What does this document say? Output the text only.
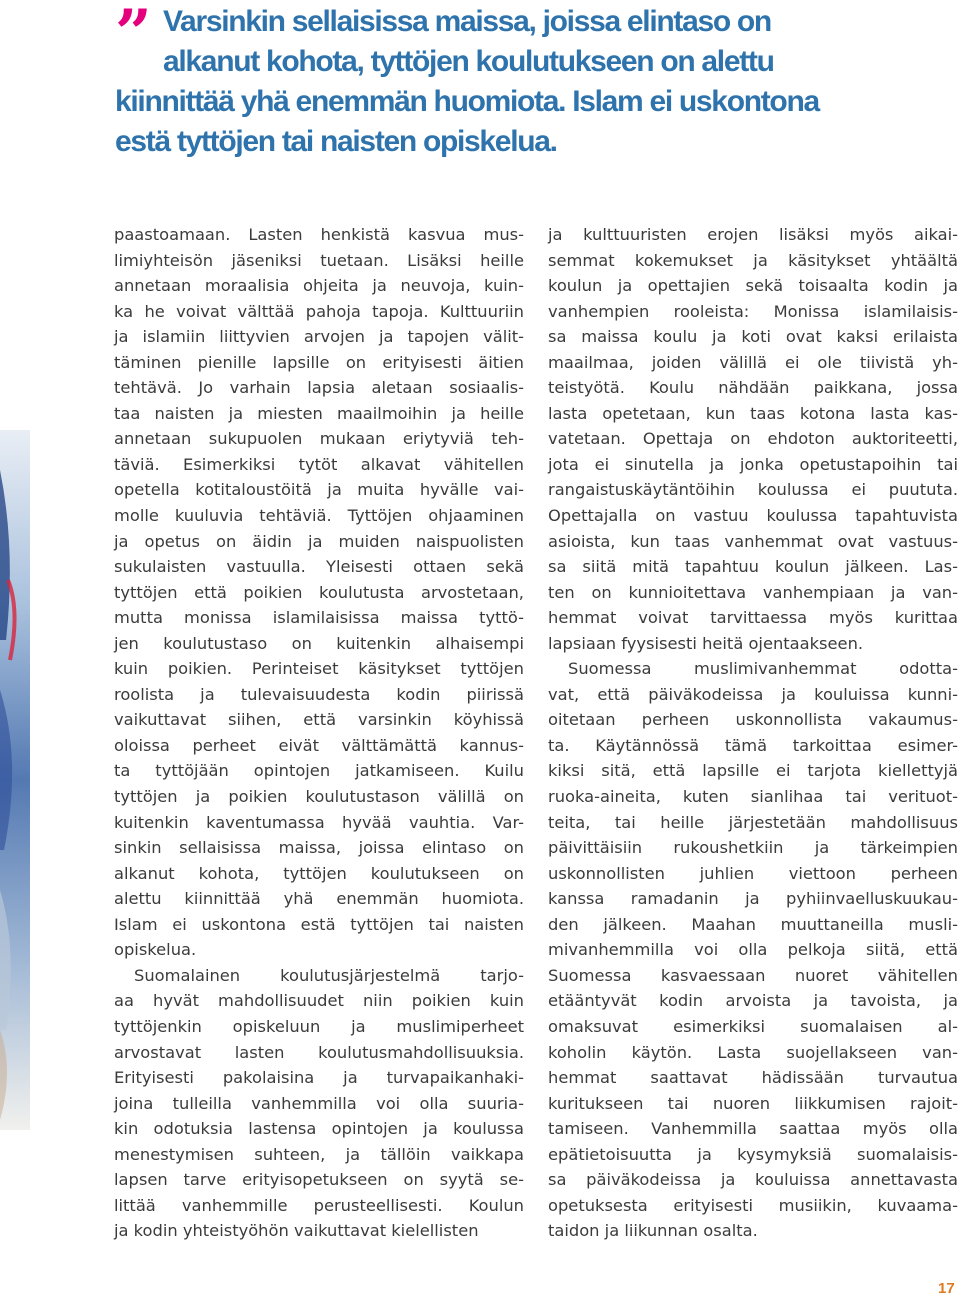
” Varsinkin sellaisissa maissa, joissa elintaso on
alkanut kohota, tyttöjen koulutukseen on alettu
kiinnittää yhä enemmän huomiota. Islam ei uskontona
estä tyttöjen tai naisten opiskelua.
paastoamaan. Lasten henkistä kasvua mus-
limiyhteisön jäseniksi tuetaan. Lisäksi heille
annetaan moraalisia ohjeita ja neuvoja, kuin-
ka he voivat välttää pahoja tapoja. Kulttuuriin
ja islamiin liittyvien arvojen ja tapojen välit-
täminen pienille lapsille on erityisesti äitien
tehtävä. Jo varhain lapsia aletaan sosiaalis-
taa naisten ja miesten maailmoihin ja heille
annetaan sukupuolen mukaan eriytyviä teh-
täviä. Esimerkiksi tytöt alkavat vähitellen
opetella kotitaloustöitä ja muita hyvälle vai-
molle kuuluvia tehtäviä. Tyttöjen ohjaaminen
ja opetus on äidin ja muiden naispuolisten
sukulaisten vastuulla. Yleisesti ottaen sekä
tyttöjen että poikien koulutusta arvostetaan,
mutta monissa islamilaisissa maissa tyttö-
jen koulutustaso on kuitenkin alhaisempi
kuin poikien. Perinteiset käsitykset tyttöjen
roolista ja tulevaisuudesta kodin piirissä
vaikuttavat siihen, että varsinkin köyhissä
oloissa perheet eivät välttämättä kannus-
ta tyttöjään opintojen jatkamiseen. Kuilu
tyttöjen ja poikien koulutustason välillä on
kuitenkin kaventumassa hyvää vauhtia. Var-
sinkin sellaisissa maissa, joissa elintaso on
alkanut kohota, tyttöjen koulutukseen on
alettu kiinnittää yhä enemmän huomiota.
Islam ei uskontona estä tyttöjen tai naisten
opiskelua.
Suomalainen koulutusjärjestelmä tarjo-
aa hyvät mahdollisuudet niin poikien kuin
tyttöjenkin opiskeluun ja muslimiperheet
arvostavat lasten koulutusmahdollisuuksia.
Erityisesti pakolaisina ja turvapaikanhaki-
joina tulleilla vanhemmilla voi olla suuria-
kin odotuksia lastensa opintojen ja koulussa
menestymisen suhteen, ja tällöin vaikkapa
lapsen tarve erityisopetukseen on syytä se-
littää vanhemmille perusteellisesti. Koulun
ja kodin yhteistyöhön vaikuttavat kielellisten
ja kulttuuristen erojen lisäksi myös aikai-
semmat kokemukset ja käsitykset yhtäältä
koulun ja opettajien sekä toisaalta kodin ja
vanhempien rooleista: Monissa islamilaisis-
sa maissa koulu ja koti ovat kaksi erilaista
maailmaa, joiden välillä ei ole tiivistä yh-
teistyötä. Koulu nähdään paikkana, jossa
lasta opetetaan, kun taas kotona lasta kas-
vatetaan. Opettaja on ehdoton auktoriteetti,
jota ei sinutella ja jonka opetustapoihin tai
rangaistuskäytäntöihin koulussa ei puututa.
Opettajalla on vastuu koulussa tapahtuvista
asioista, kun taas vanhemmat ovat vastuus-
sa siitä mitä tapahtuu koulun jälkeen. Las-
ten on kunnioitettava vanhempiaan ja van-
hemmat voivat tarvittaessa myös kurittaa
lapsiaan fyysisesti heitä ojentaakseen.
Suomessa muslimivanhemmat odotta-
vat, että päiväkodeissa ja kouluissa kunni-
oitetaan perheen uskonnollista vakaumus-
ta. Käytännössä tämä tarkoittaa esimer-
kiksi sitä, että lapsille ei tarjota kiellettyjä
ruoka-aineita, kuten sianlihaa tai verituot-
teita, tai heille järjestetään mahdollisuus
päivittäisiin rukoushetkiin ja tärkeimpien
uskonnollisten juhlien viettoon perheen
kanssa ramadanin ja pyhiinvaelluskuukau-
den jälkeen. Maahan muuttaneilla musli-
mivanhemmilla voi olla pelkoja siitä, että
Suomessa kasvaessaan nuoret vähitellen
etääntyvät kodin arvoista ja tavoista, ja
omaksuvat esimerkiksi suomalaisen al-
koholin käytön. Lasta suojellakseen van-
hemmat saattavat hädissään turvautua
kuritukseen tai nuoren liikkumisen rajoit-
tamiseen. Vanhemmilla saattaa myös olla
epätietoisuutta ja kysymyksiä suomalaisis-
sa päiväkodeissa ja kouluissa annettavasta
opetuksesta erityisesti musiikin, kuvaama-
taidon ja liikunnan osalta.
17
